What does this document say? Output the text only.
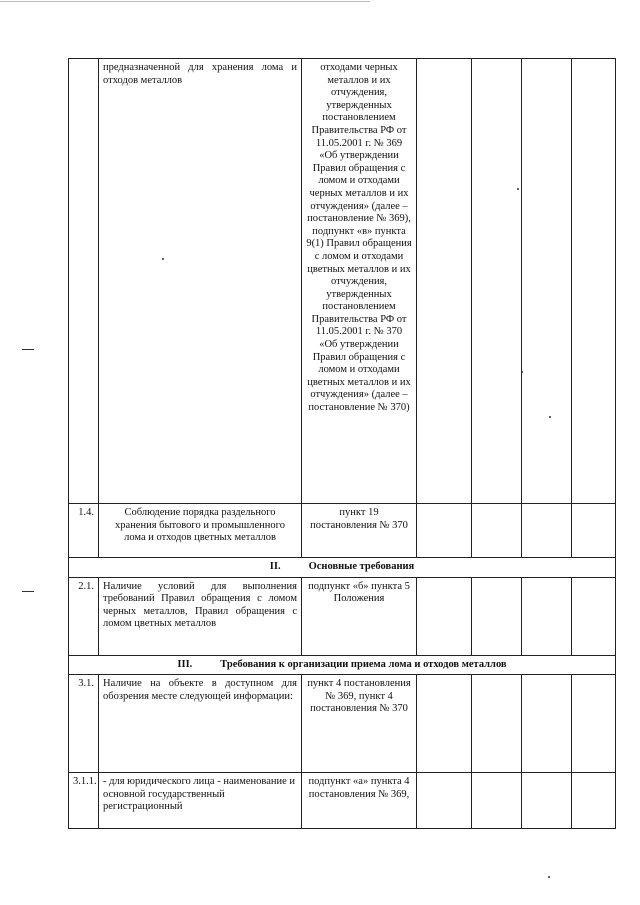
	предназначенной для хранения лома и отходов металлов	отходами черных металлов и их отчуждения, утвержденных постановлением Правительства РФ от 11.05.2001 г. № 369 «Об утверждении Правил обращения с ломом и отходами черных металлов и их отчуждения» (далее – постановление № 369), подпункт «в» пункта 9(1) Правил обращения с ломом и отходами цветных металлов и их отчуждения, утвержденных постановлением Правительства РФ от 11.05.2001 г. № 370 «Об утверждении Правил обращения с ломом и отходами цветных металлов и их отчуждения» (далее – постановление № 370)				
1.4.	Соблюдение порядка раздельного хранения бытового и промышленного лома и отходов цветных металлов	пункт 19 постановления № 370				
II. Основные требования						
2.1.	Наличие условий для выполнения требований Правил обращения с ломом черных металлов, Правил обращения с ломом цветных металлов	подпункт «б» пункта 5 Положения				
III. Требования к организации приема лома и отходов металлов						
3.1.	Наличие на объекте в доступном для обозрения месте следующей информации:	пункт 4 постановления № 369, пункт 4 постановления № 370				
3.1.1.	- для юридического лица - наименование и основной государственный регистрационный	подпункт «а» пункта 4 постановления № 369,				
